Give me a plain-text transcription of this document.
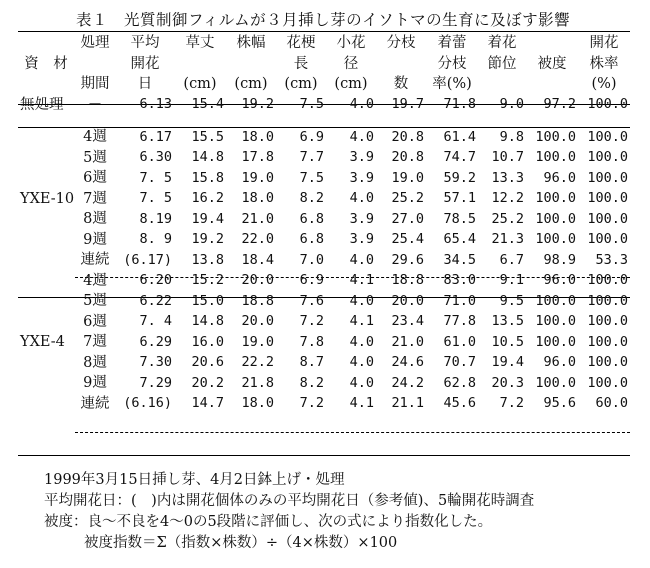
表１　光質制御フィルムが３月挿し芽のイソトマの生育に及ぼす影響
	処理	平均	草丈	株幅	花梗	小花	分枝	着蕾	着花		開花
資　材		開花			長	径		分枝	節位	被度	株率
	期間	日	(cm)	(cm)	(cm)	(cm)	数	率(%)			(%)
無処理	－	6.13	15.4	19.2	7.5	4.0	19.7	71.8	9.0	97.2	100.0

	4週	6.17	15.5	18.0	6.9	4.0	20.8	61.4	9.8	100.0	100.0
	5週	6.30	14.8	17.8	7.7	3.9	20.8	74.7	10.7	100.0	100.0
	6週	7. 5	15.8	19.0	7.5	3.9	19.0	59.2	13.3	96.0	100.0
YXE-10	7週	7. 5	16.2	18.0	8.2	4.0	25.2	57.1	12.2	100.0	100.0
	8週	8.19	19.4	21.0	6.8	3.9	27.0	78.5	25.2	100.0	100.0
	9週	8. 9	19.2	22.0	6.8	3.9	25.4	65.4	21.3	100.0	100.0
	連続	(6.17)	13.8	18.4	7.0	4.0	29.6	34.5	6.7	98.9	53.3
	4週	6.20	15.2	20.0	6.9	4.1	18.8	83.0	9.1	96.0	100.0
	5週	6.22	15.0	18.8	7.6	4.0	20.0	71.0	9.5	100.0	100.0
	6週	7. 4	14.8	20.0	7.2	4.1	23.4	77.8	13.5	100.0	100.0
YXE-4	7週	6.29	16.0	19.0	7.8	4.0	21.0	61.0	10.5	100.0	100.0
	8週	7.30	20.6	22.2	8.7	4.0	24.6	70.7	19.4	96.0	100.0
	9週	7.29	20.2	21.8	8.2	4.0	24.2	62.8	20.3	100.0	100.0
	連続	(6.16)	14.7	18.0	7.2	4.1	21.1	45.6	7.2	95.6	60.0
1999年3月15日挿し芽、4月2日鉢上げ・処理
平均開花日：(　)内は開花個体のみの平均開花日（参考値)、5輪開花時調査
被度：良～不良を4～0の5段階に評価し、次の式により指数化した。
被度指数＝Σ（指数×株数）÷（4×株数）×100
